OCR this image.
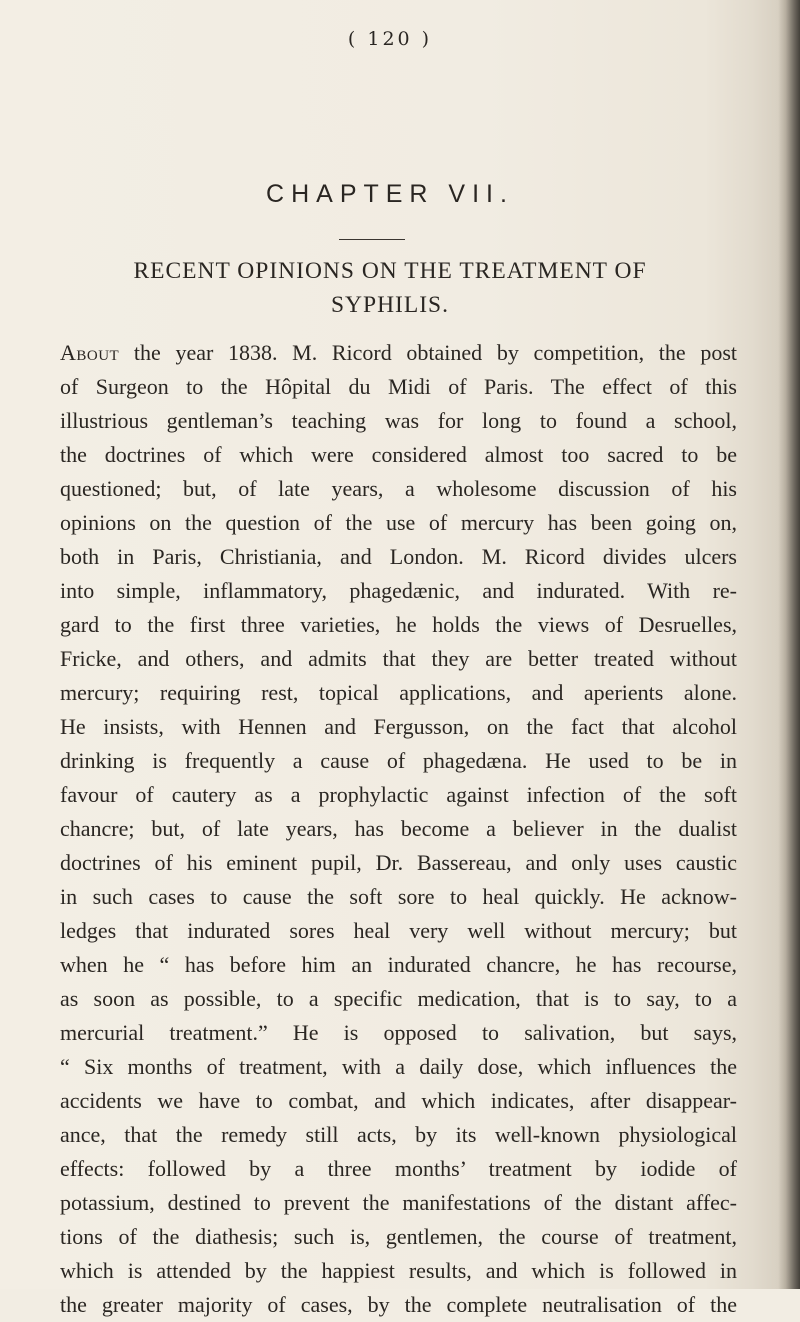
( 120 )
CHAPTER VII.
RECENT OPINIONS ON THE TREATMENT OF
SYPHILIS.
About the year 1838. M. Ricord obtained by competition, the post
of Surgeon to the Hôpital du Midi of Paris. The effect of this
illustrious gentleman’s teaching was for long to found a school,
the doctrines of which were considered almost too sacred to be
questioned; but, of late years, a wholesome discussion of his
opinions on the question of the use of mercury has been going on,
both in Paris, Christiania, and London. M. Ricord divides ulcers
into simple, inflammatory, phagedænic, and indurated. With re-
gard to the first three varieties, he holds the views of Desruelles,
Fricke, and others, and admits that they are better treated without
mercury; requiring rest, topical applications, and aperients alone.
He insists, with Hennen and Fergusson, on the fact that alcohol
drinking is frequently a cause of phagedæna. He used to be in
favour of cautery as a prophylactic against infection of the soft
chancre; but, of late years, has become a believer in the dualist
doctrines of his eminent pupil, Dr. Bassereau, and only uses caustic
in such cases to cause the soft sore to heal quickly. He acknow-
ledges that indurated sores heal very well without mercury; but
when he “ has before him an indurated chancre, he has recourse,
as soon as possible, to a specific medication, that is to say, to a
mercurial treatment.” He is opposed to salivation, but says,
“ Six months of treatment, with a daily dose, which influences the
accidents we have to combat, and which indicates, after disappear-
ance, that the remedy still acts, by its well-known physiological
effects: followed by a three months’ treatment by iodide of
potassium, destined to prevent the manifestations of the distant affec-
tions of the diathesis; such is, gentlemen, the course of treatment,
which is attended by the happiest results, and which is followed in
the greater majority of cases, by the complete neutralisation of the
